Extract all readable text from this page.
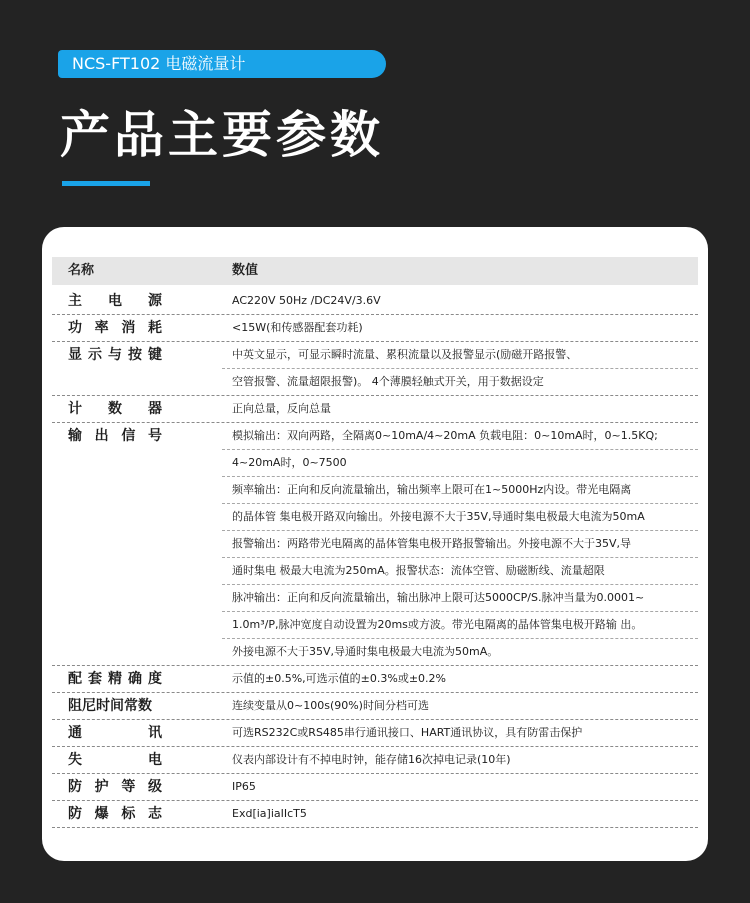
NCS-FT102 电磁流量计
产品主要参数
名称	数值
主电源	AC220V 50Hz /DC24V/3.6V
功率消耗	<15W(和传感器配套功耗)
显示与按键	中英文显示，可显示瞬时流量、累积流量以及报警显示(励磁开路报警、
空管报警、流量超限报警)。 4个薄膜轻触式开关，用于数据设定
计数器	正向总量，反向总量
输出信号	模拟输出：双向两路，全隔离0~10mA/4~20mA 负载电阻：0~10mA时，0~1.5KQ;
4~20mA时，0~7500
频率输出：正向和反向流量输出，输出频率上限可在1~5000Hz内设。带光电隔离
的晶体管 集电极开路双向输出。外接电源不大于35V,导通时集电极最大电流为50mA
报警输出：两路带光电隔离的晶体管集电极开路报警输出。外接电源不大于35V,导
通时集电 极最大电流为250mA。报警状态：流体空管、励磁断线、流量超限
脉冲输出：正向和反向流量输出，输出脉冲上限可达5000CP/S.脉冲当量为0.0001~
1.0m³/P,脉冲宽度自动设置为20ms或方波。带光电隔离的晶体管集电极开路输 出。
外接电源不大于35V,导通时集电极最大电流为50mA。
配套精确度	示值的±0.5%,可选示值的±0.3%或±0.2%
阻尼时间常数	连续变量从0~100s(90%)时间分档可选
通讯	可选RS232C或RS485串行通讯接口、HART通讯协议，具有防雷击保护
失电	仪表内部设计有不掉电时钟，能存储16次掉电记录(10年)
防护等级	IP65
防爆标志	Exd[ia]iaIIcT5
